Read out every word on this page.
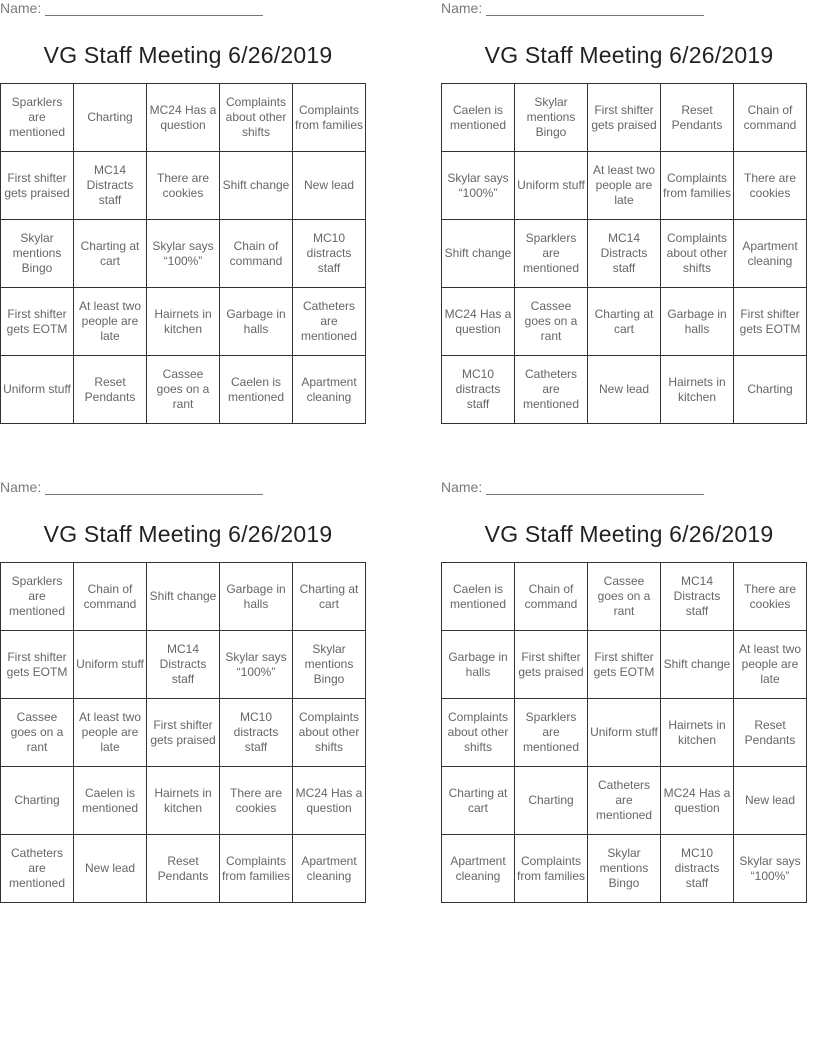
Name:
VG Staff Meeting 6/26/2019
Sparklers are mentioned	Charting	MC24 Has a question	Complaints about other shifts	Complaints from families
First shifter gets praised	MC14 Distracts staff	There are cookies	Shift change	New lead
Skylar mentions Bingo	Charting at cart	Skylar says “100%”	Chain of command	MC10 distracts staff
First shifter gets EOTM	At least two people are late	Hairnets in kitchen	Garbage in halls	Catheters are mentioned
Uniform stuff	Reset Pendants	Cassee goes on a rant	Caelen is mentioned	Apartment cleaning
Name:
VG Staff Meeting 6/26/2019
Caelen is mentioned	Skylar mentions Bingo	First shifter gets praised	Reset Pendants	Chain of command
Skylar says “100%”	Uniform stuff	At least two people are late	Complaints from families	There are cookies
Shift change	Sparklers are mentioned	MC14 Distracts staff	Complaints about other shifts	Apartment cleaning
MC24 Has a question	Cassee goes on a rant	Charting at cart	Garbage in halls	First shifter gets EOTM
MC10 distracts staff	Catheters are mentioned	New lead	Hairnets in kitchen	Charting
Name:
VG Staff Meeting 6/26/2019
Sparklers are mentioned	Chain of command	Shift change	Garbage in halls	Charting at cart
First shifter gets EOTM	Uniform stuff	MC14 Distracts staff	Skylar says “100%”	Skylar mentions Bingo
Cassee goes on a rant	At least two people are late	First shifter gets praised	MC10 distracts staff	Complaints about other shifts
Charting	Caelen is mentioned	Hairnets in kitchen	There are cookies	MC24 Has a question
Catheters are mentioned	New lead	Reset Pendants	Complaints from families	Apartment cleaning
Name:
VG Staff Meeting 6/26/2019
Caelen is mentioned	Chain of command	Cassee goes on a rant	MC14 Distracts staff	There are cookies
Garbage in halls	First shifter gets praised	First shifter gets EOTM	Shift change	At least two people are late
Complaints about other shifts	Sparklers are mentioned	Uniform stuff	Hairnets in kitchen	Reset Pendants
Charting at cart	Charting	Catheters are mentioned	MC24 Has a question	New lead
Apartment cleaning	Complaints from families	Skylar mentions Bingo	MC10 distracts staff	Skylar says “100%”
